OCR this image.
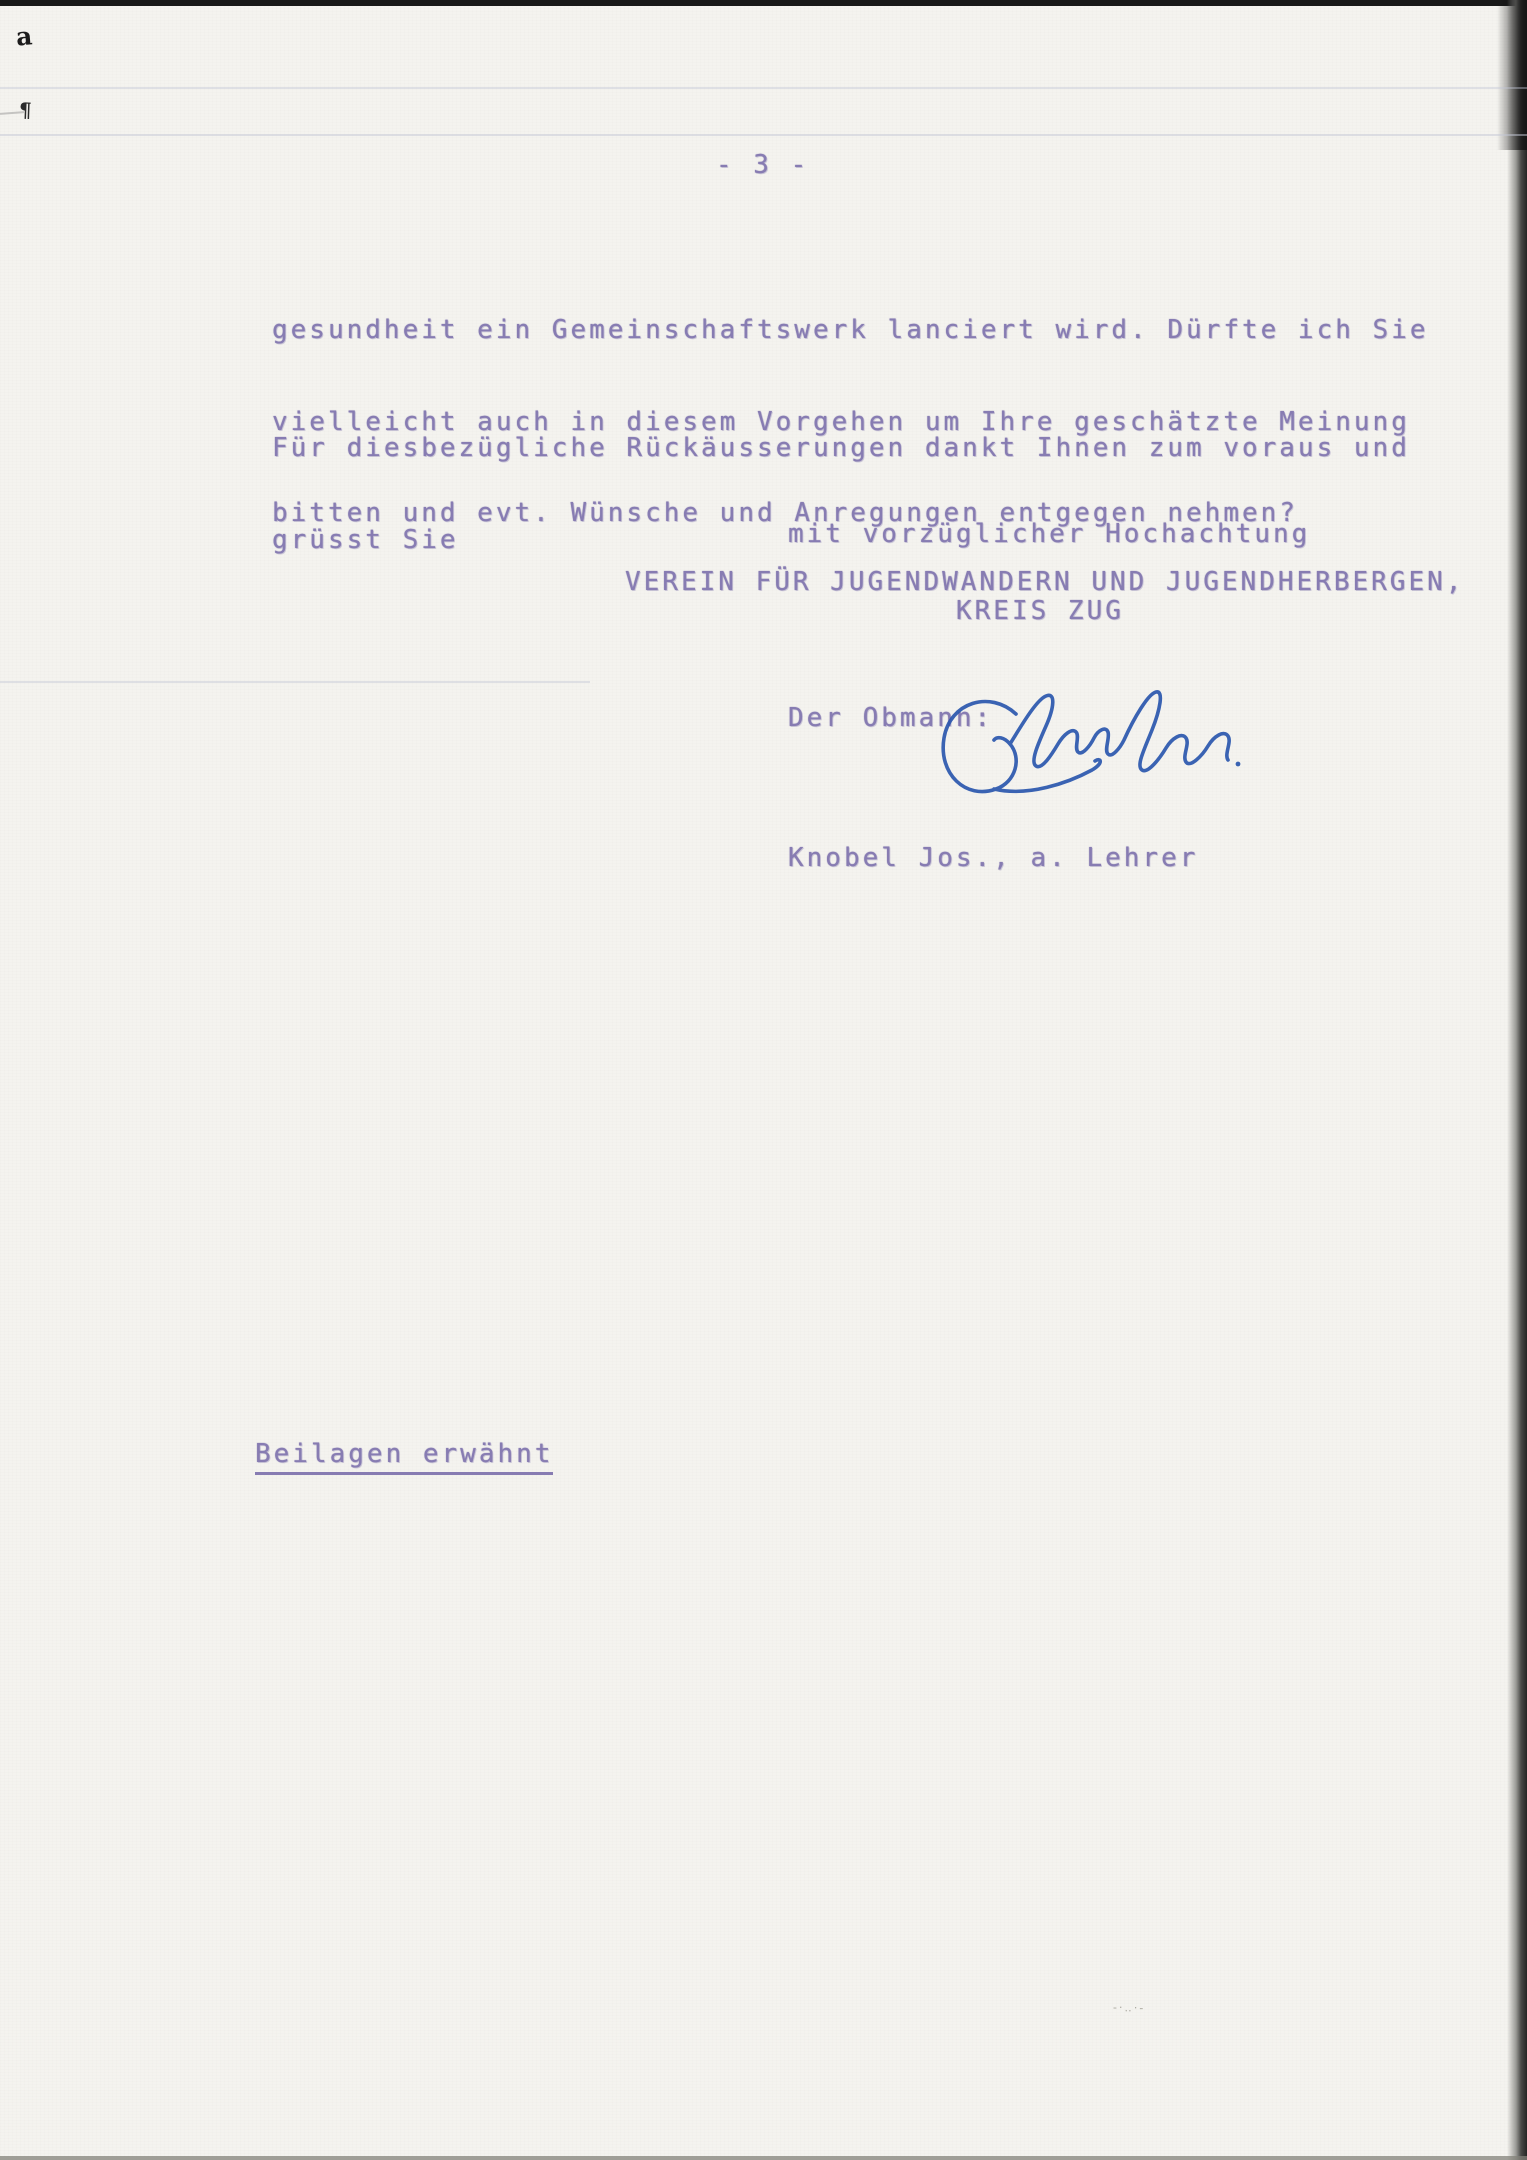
a
¶
‐·‥·‐
- 3 -

gesundheit ein Gemeinschaftswerk lanciert wird. Dürfte ich Sie

vielleicht auch in diesem Vorgehen um Ihre geschätzte Meinung

bitten und evt. Wünsche und Anregungen entgegen nehmen?

Für diesbezügliche Rückäusserungen dankt Ihnen zum voraus und

grüsst Sie

	mit vorzüglicher Hochachtung
VEREIN FÜR JUGENDWANDERN UND JUGENDHERBERGEN,
KREIS ZUG
Der Obmann:
Knobel Jos., a. Lehrer
Beilagen erwähnt
